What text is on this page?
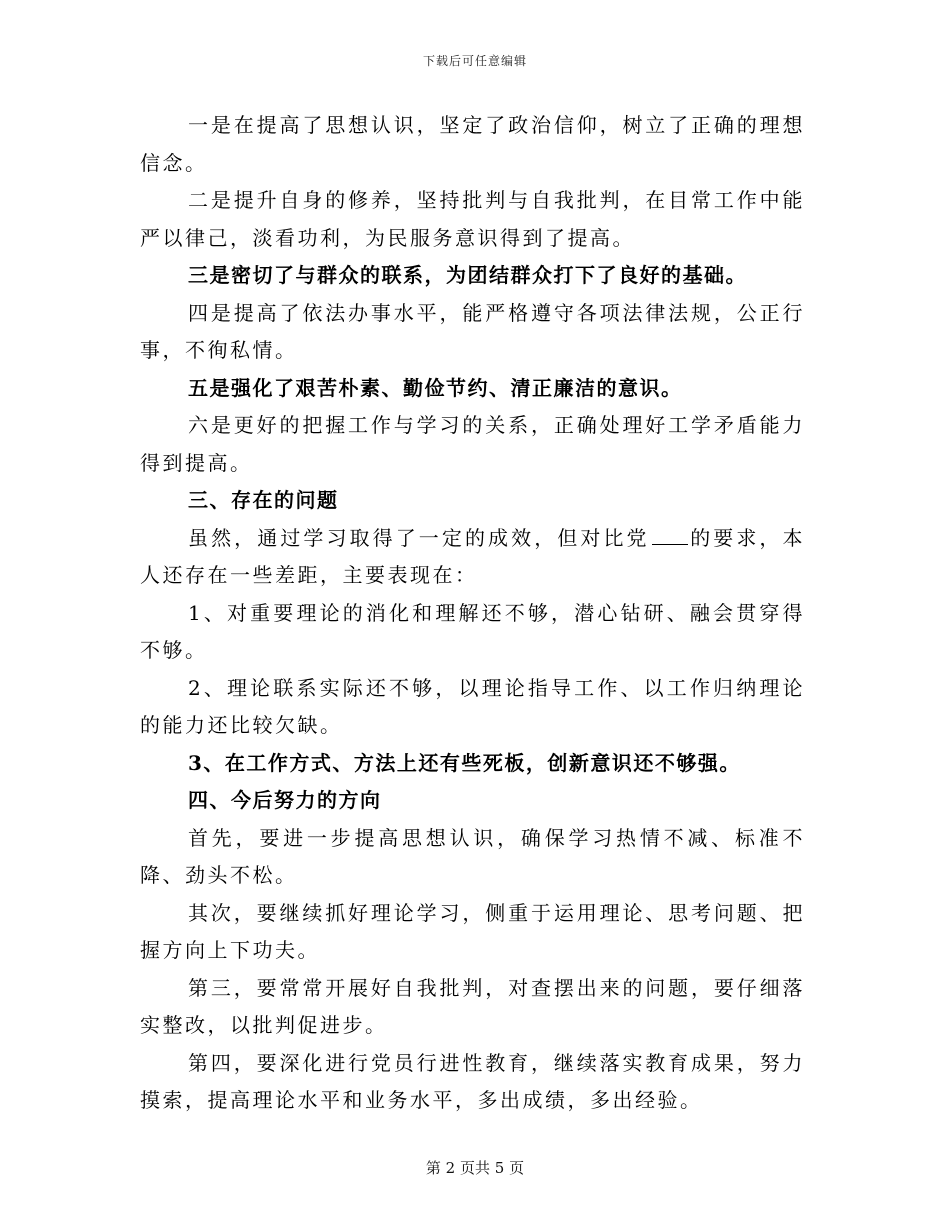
下载后可任意编辑

一是在提高了思想认识，坚定了政治信仰，树立了正确的理想信念。

二是提升自身的修养，坚持批判与自我批判，在目常工作中能严以律己，淡看功利，为民服务意识得到了提高。

三是密切了与群众的联系，为团结群众打下了良好的基础。

四是提高了依法办事水平，能严格遵守各项法律法规，公正行事，不徇私情。

五是强化了艰苦朴素、勤俭节约、清正廉洁的意识。

六是更好的把握工作与学习的关系，正确处理好工学矛盾能力得到提高。

三、存在的问题

虽然，通过学习取得了一定的成效，但对比党 的要求，本人还存在一些差距，主要表现在：

1、对重要理论的消化和理解还不够，潜心钻研、融会贯穿得不够。

2、理论联系实际还不够，以理论指导工作、以工作归纳理论的能力还比较欠缺。

3、在工作方式、方法上还有些死板，创新意识还不够强。

四、今后努力的方向

首先，要进一步提高思想认识，确保学习热情不减、标准不降、劲头不松。

其次，要继续抓好理论学习，侧重于运用理论、思考问题、把握方向上下功夫。

第三，要常常开展好自我批判，对查摆出来的问题，要仔细落实整改，以批判促进步。

第四，要深化进行党员行进性教育，继续落实教育成果，努力摸索，提高理论水平和业务水平，多出成绩，多出经验。

第 2 页共 5 页
